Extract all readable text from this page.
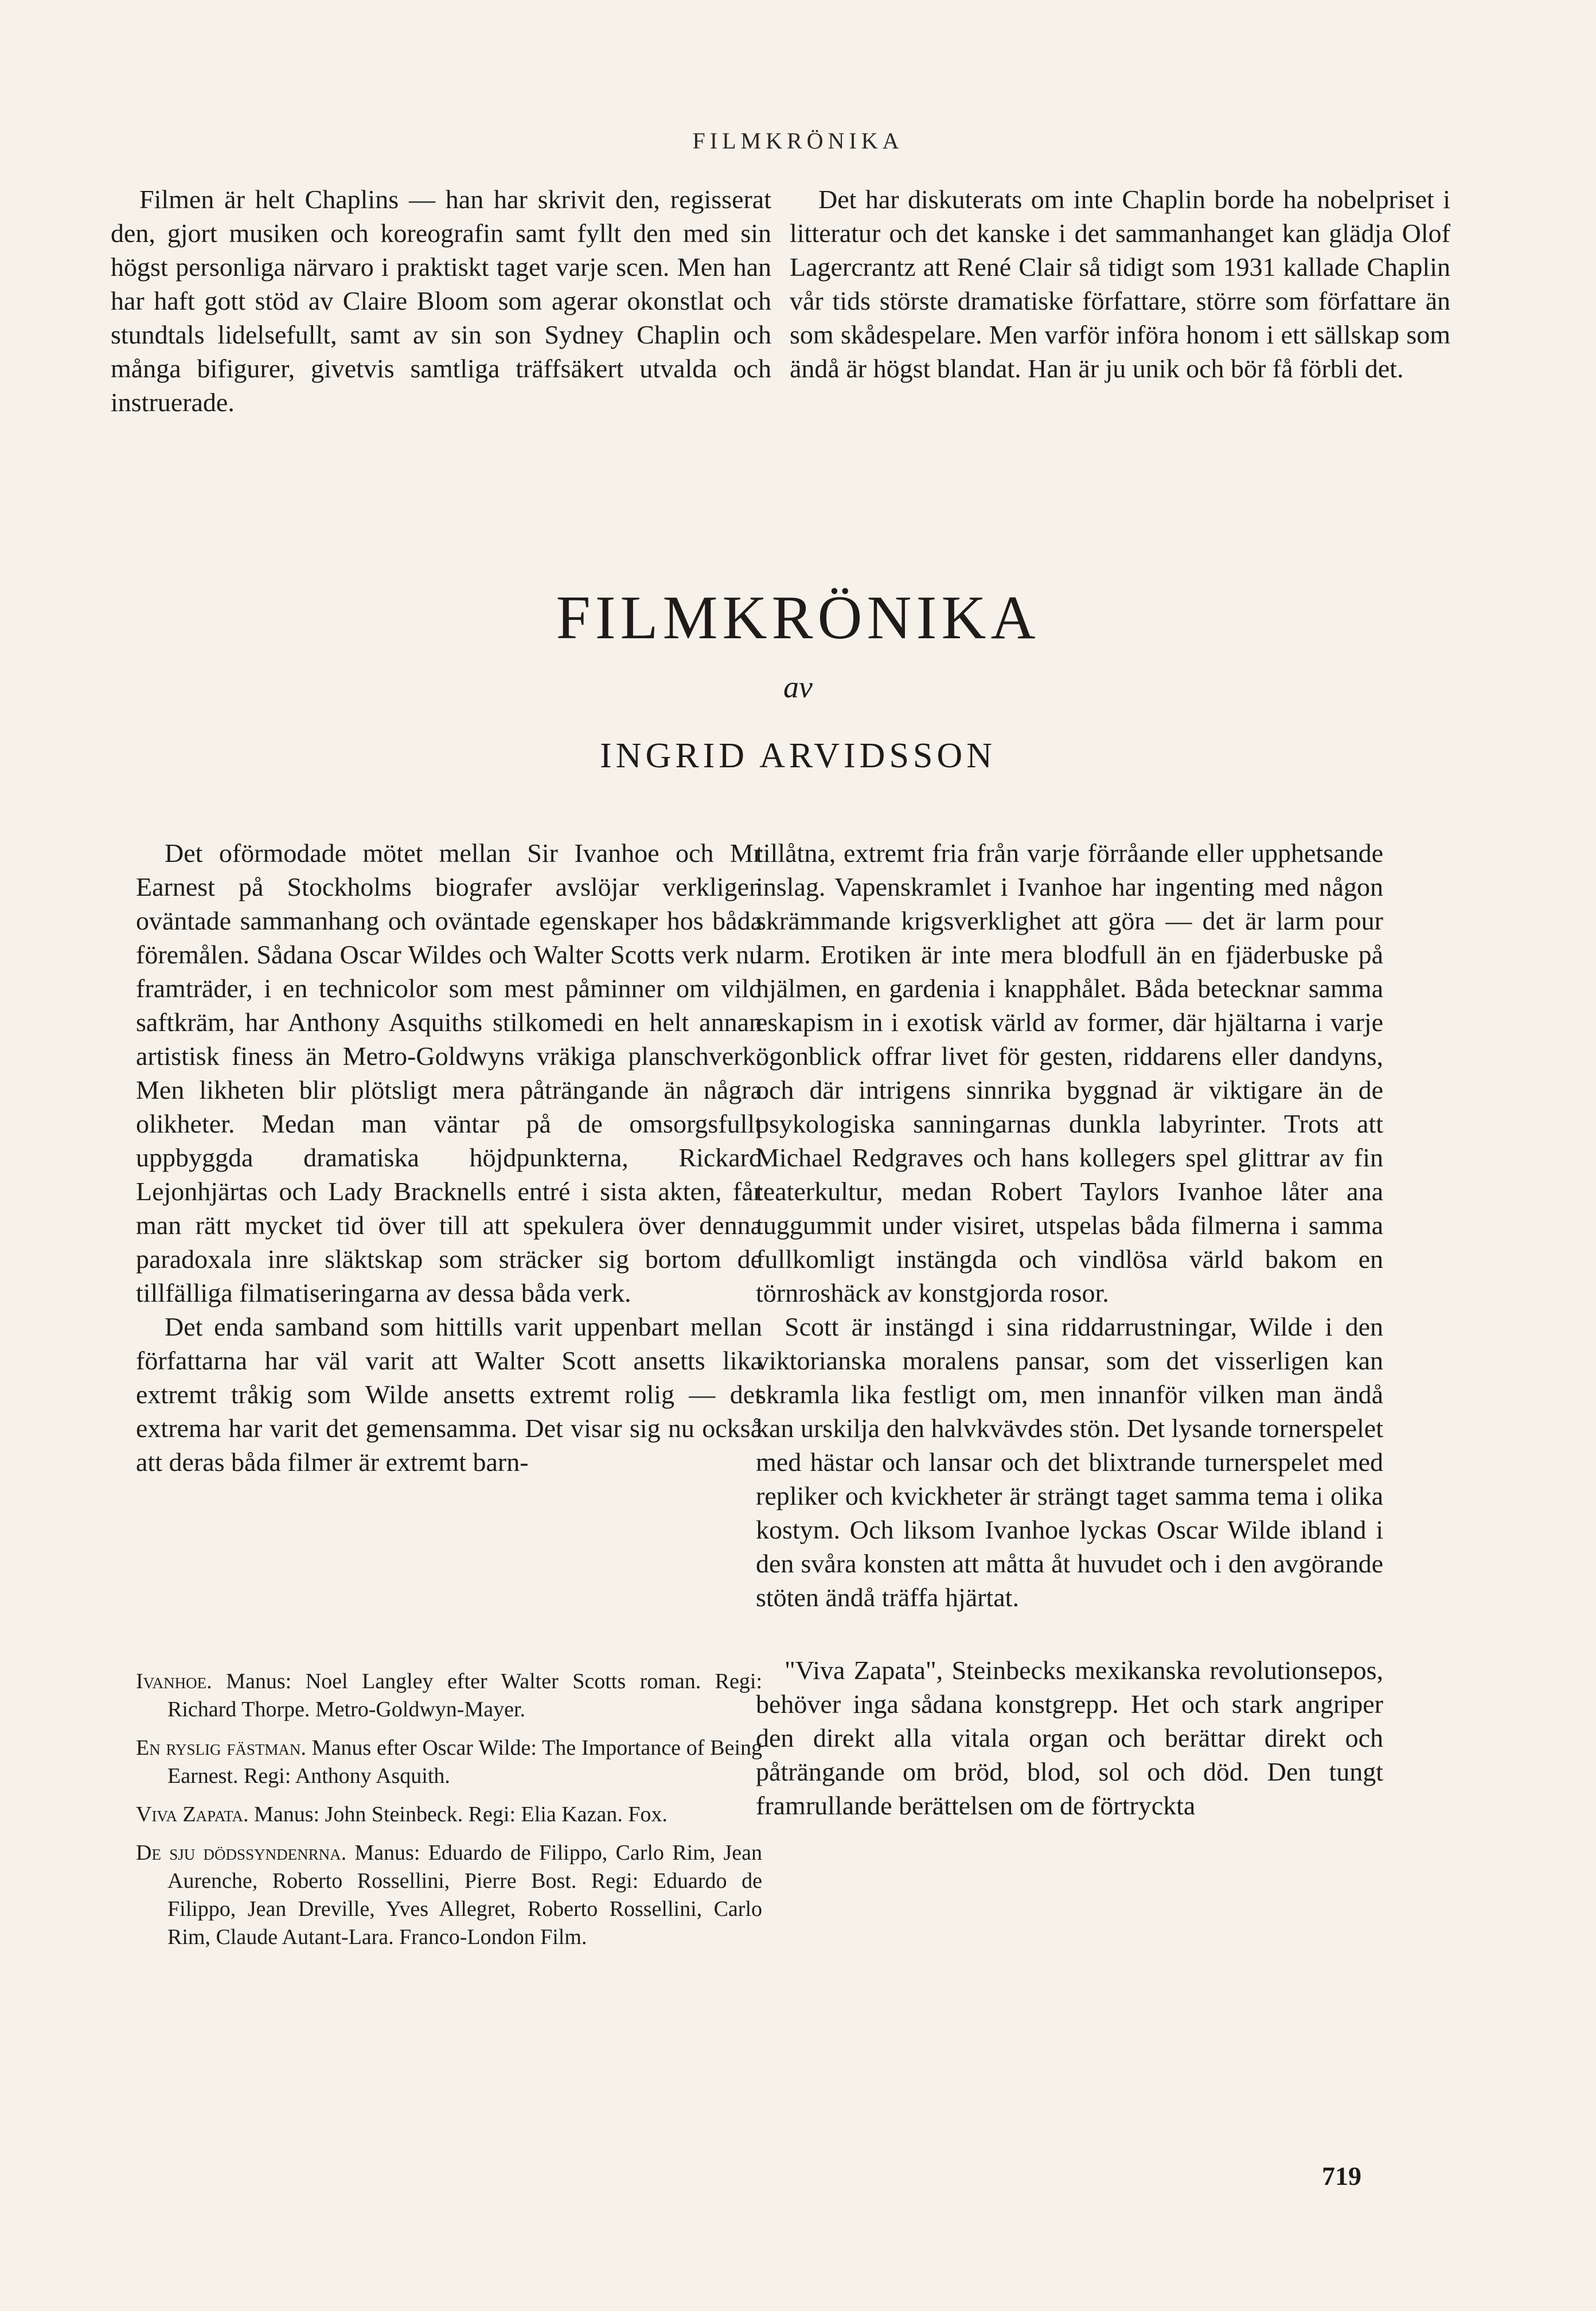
FILMKRÖNIKA

Filmen är helt Chaplins — han har skrivit den, regisserat den, gjort musiken och koreografin samt fyllt den med sin högst personliga närvaro i praktiskt taget varje scen. Men han har haft gott stöd av Claire Bloom som agerar okonstlat och stundtals lidelsefullt, samt av sin son Sydney Chaplin och många bifigurer, givetvis samtliga träffsäkert utvalda och instruerade.

Det har diskuterats om inte Chaplin borde ha nobelpriset i litteratur och det kanske i det sammanhanget kan glädja Olof Lagercrantz att René Clair så tidigt som 1931 kallade Chaplin vår tids störste dramatiske författare, större som författare än som skådespelare. Men varför införa honom i ett sällskap som ändå är högst blandat. Han är ju unik och bör få förbli det.

FILMKRÖNIKA
av
INGRID ARVIDSSON

Det oförmodade mötet mellan Sir Ivanhoe och Mr Earnest på Stockholms biografer avslöjar verkligen oväntade sammanhang och oväntade egenskaper hos båda föremålen. Sådana Oscar Wildes och Walter Scotts verk nu framträder, i en technicolor som mest påminner om vild saftkräm, har Anthony Asquiths stilkomedi en helt annan artistisk finess än Metro-Goldwyns vräkiga planschverk. Men likheten blir plötsligt mera påträngande än några olikheter. Medan man väntar på de omsorgsfullt uppbyggda dramatiska höjdpunkterna, Rickard Lejonhjärtas och Lady Bracknells entré i sista akten, får man rätt mycket tid över till att spekulera över denna paradoxala inre släktskap som sträcker sig bortom de tillfälliga filmatiseringarna av dessa båda verk.

Det enda samband som hittills varit uppenbart mellan författarna har väl varit att Walter Scott ansetts lika extremt tråkig som Wilde ansetts extremt rolig — det extrema har varit det gemensamma. Det visar sig nu också att deras båda filmer är extremt barn-

Ivanhoe. Manus: Noel Langley efter Walter Scotts roman. Regi: Richard Thorpe. Metro-Goldwyn-Mayer.
En ryslig fästman. Manus efter Oscar Wilde: The Importance of Being Earnest. Regi: Anthony Asquith.
Viva Zapata. Manus: John Steinbeck. Regi: Elia Kazan. Fox.
De sju dödssyndenrna. Manus: Eduardo de Filippo, Carlo Rim, Jean Aurenche, Roberto Rossellini, Pierre Bost. Regi: Eduardo de Filippo, Jean Dreville, Yves Allegret, Roberto Rossellini, Carlo Rim, Claude Autant-Lara. Franco-London Film.

tillåtna, extremt fria från varje förråande eller upphetsande inslag. Vapenskramlet i Ivanhoe har ingenting med någon skrämmande krigsverklighet att göra — det är larm pour larm. Erotiken är inte mera blodfull än en fjäderbuske på hjälmen, en gardenia i knapphålet. Båda betecknar samma eskapism in i exotisk värld av former, där hjältarna i varje ögonblick offrar livet för gesten, riddarens eller dandyns, och där intrigens sinnrika byggnad är viktigare än de psykologiska sanningarnas dunkla labyrinter. Trots att Michael Redgraves och hans kollegers spel glittrar av fin teaterkultur, medan Robert Taylors Ivanhoe låter ana tuggummit under visiret, utspelas båda filmerna i samma fullkomligt instängda och vindlösa värld bakom en törnroshäck av konstgjorda rosor.

Scott är instängd i sina riddarrustningar, Wilde i den viktorianska moralens pansar, som det visserligen kan skramla lika festligt om, men innanför vilken man ändå kan urskilja den halvkvävdes stön. Det lysande tornerspelet med hästar och lansar och det blixtrande turnerspelet med repliker och kvickheter är strängt taget samma tema i olika kostym. Och liksom Ivanhoe lyckas Oscar Wilde ibland i den svåra konsten att måtta åt huvudet och i den avgörande stöten ändå träffa hjärtat.

"Viva Zapata", Steinbecks mexikanska revolutionsepos, behöver inga sådana konstgrepp. Het och stark angriper den direkt alla vitala organ och berättar direkt och påträngande om bröd, blod, sol och död. Den tungt framrullande berättelsen om de förtryckta

719
